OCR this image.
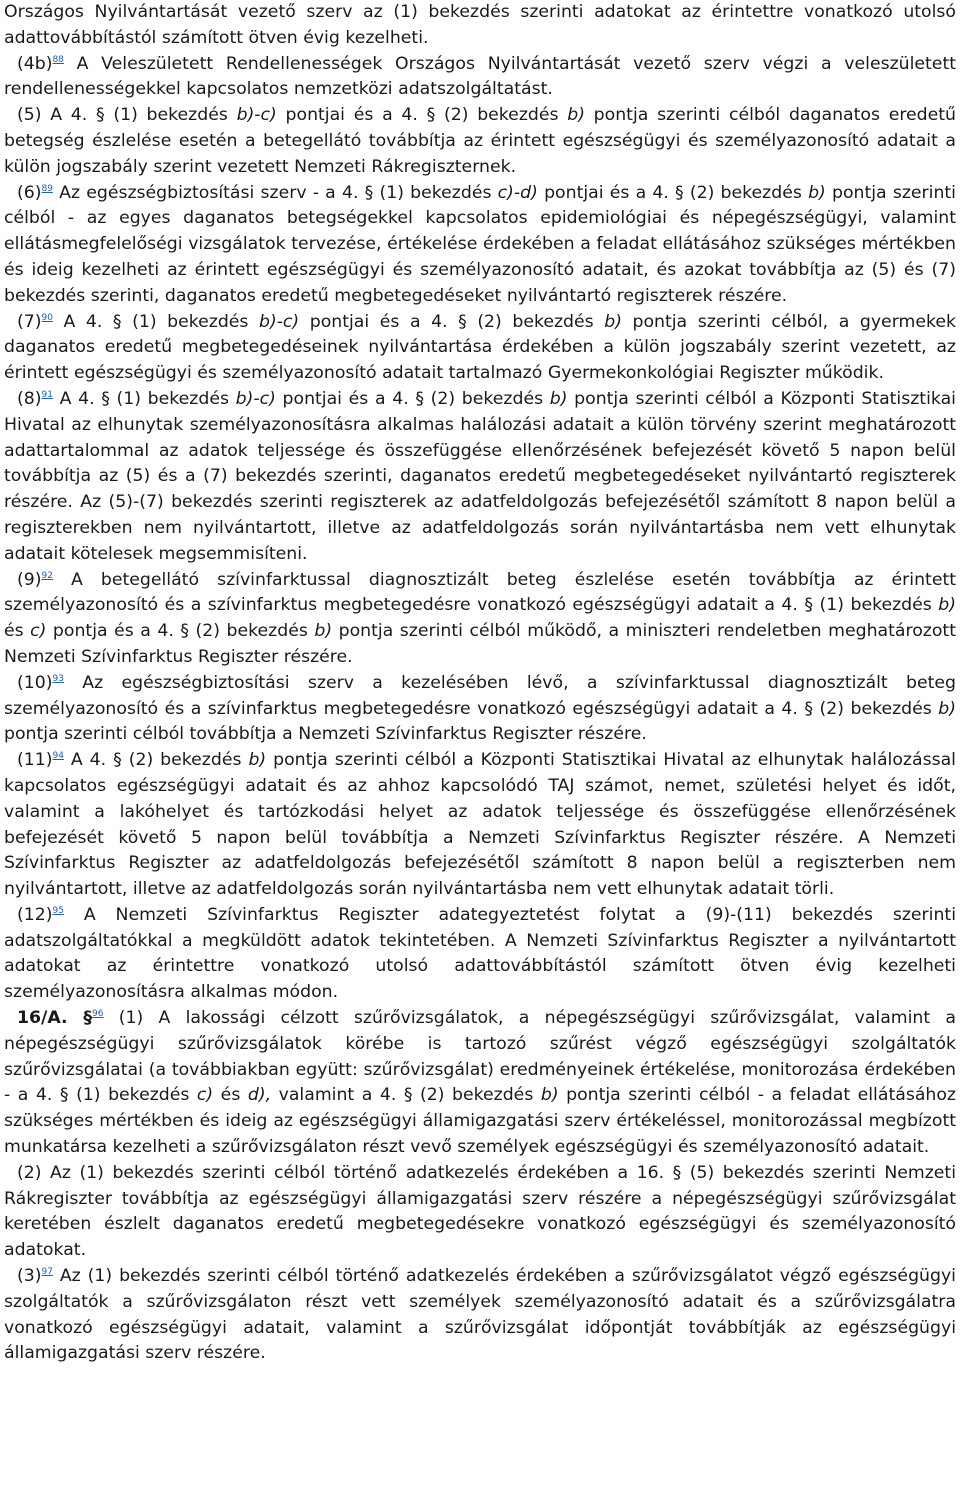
Országos Nyilvántartását vezető szerv az (1) bekezdés szerinti adatokat az érintettre vonatkozó utolsó adattovábbítástól számított ötven évig kezelheti.

(4b)$^{88}$ A Veleszületett Rendellenességek Országos Nyilvántartását vezető szerv végzi a veleszületett rendellenességekkel kapcsolatos nemzetközi adatszolgáltatást.

(5) A 4. § (1) bekezdés b)-c) pontjai és a 4. § (2) bekezdés b) pontja szerinti célból daganatos eredetű betegség észlelése esetén a betegellátó továbbítja az érintett egészségügyi és személyazonosító adatait a külön jogszabály szerint vezetett Nemzeti Rákregiszternek.

(6)$^{89}$ Az egészségbiztosítási szerv - a 4. § (1) bekezdés c)-d) pontjai és a 4. § (2) bekezdés b) pontja szerinti célból - az egyes daganatos betegségekkel kapcsolatos epidemiológiai és népegészségügyi, valamint ellátásmegfelelőségi vizsgálatok tervezése, értékelése érdekében a feladat ellátásához szükséges mértékben és ideig kezelheti az érintett egészségügyi és személyazonosító adatait, és azokat továbbítja az (5) és (7) bekezdés szerinti, daganatos eredetű megbetegedéseket nyilvántartó regiszterek részére.

(7)$^{90}$ A 4. § (1) bekezdés b)-c) pontjai és a 4. § (2) bekezdés b) pontja szerinti célból, a gyermekek daganatos eredetű megbetegedéseinek nyilvántartása érdekében a külön jogszabály szerint vezetett, az érintett egészségügyi és személyazonosító adatait tartalmazó Gyermekonkológiai Regiszter működik.

(8)$^{91}$ A 4. § (1) bekezdés b)-c) pontjai és a 4. § (2) bekezdés b) pontja szerinti célból a Központi Statisztikai Hivatal az elhunytak személyazonosításra alkalmas halálozási adatait a külön törvény szerint meghatározott adattartalommal az adatok teljessége és összefüggése ellenőrzésének befejezését követő 5 napon belül továbbítja az (5) és a (7) bekezdés szerinti, daganatos eredetű megbetegedéseket nyilvántartó regiszterek részére. Az (5)-(7) bekezdés szerinti regiszterek az adatfeldolgozás befejezésétől számított 8 napon belül a regiszterekben nem nyilvántartott, illetve az adatfeldolgozás során nyilvántartásba nem vett elhunytak adatait kötelesek megsemmisíteni.

(9)$^{92}$ A betegellátó szívinfarktussal diagnosztizált beteg észlelése esetén továbbítja az érintett személyazonosító és a szívinfarktus megbetegedésre vonatkozó egészségügyi adatait a 4. § (1) bekezdés b) és c) pontja és a 4. § (2) bekezdés b) pontja szerinti célból működő, a miniszteri rendeletben meghatározott Nemzeti Szívinfarktus Regiszter részére.

(10)$^{93}$ Az egészségbiztosítási szerv a kezelésében lévő, a szívinfarktussal diagnosztizált beteg személyazonosító és a szívinfarktus megbetegedésre vonatkozó egészségügyi adatait a 4. § (2) bekezdés b) pontja szerinti célból továbbítja a Nemzeti Szívinfarktus Regiszter részére.

(11)$^{94}$ A 4. § (2) bekezdés b) pontja szerinti célból a Központi Statisztikai Hivatal az elhunytak halálozással kapcsolatos egészségügyi adatait és az ahhoz kapcsolódó TAJ számot, nemet, születési helyet és időt, valamint a lakóhelyet és tartózkodási helyet az adatok teljessége és összefüggése ellenőrzésének befejezését követő 5 napon belül továbbítja a Nemzeti Szívinfarktus Regiszter részére. A Nemzeti Szívinfarktus Regiszter az adatfeldolgozás befejezésétől számított 8 napon belül a regiszterben nem nyilvántartott, illetve az adatfeldolgozás során nyilvántartásba nem vett elhunytak adatait törli.

(12)$^{95}$ A Nemzeti Szívinfarktus Regiszter adategyeztetést folytat a (9)-(11) bekezdés szerinti adatszolgáltatókkal a megküldött adatok tekintetében. A Nemzeti Szívinfarktus Regiszter a nyilvántartott adatokat az érintettre vonatkozó utolsó adattovábbítástól számított ötven évig kezelheti személyazonosításra alkalmas módon.

16/A. §$^{96}$ (1) A lakossági célzott szűrővizsgálatok, a népegészségügyi szűrővizsgálat, valamint a népegészségügyi szűrővizsgálatok körébe is tartozó szűrést végző egészségügyi szolgáltatók szűrővizsgálatai (a továbbiakban együtt: szűrővizsgálat) eredményeinek értékelése, monitorozása érdekében - a 4. § (1) bekezdés c) és d), valamint a 4. § (2) bekezdés b) pontja szerinti célból - a feladat ellátásához szükséges mértékben és ideig az egészségügyi államigazgatási szerv értékeléssel, monitorozással megbízott munkatársa kezelheti a szűrővizsgálaton részt vevő személyek egészségügyi és személyazonosító adatait.

(2) Az (1) bekezdés szerinti célból történő adatkezelés érdekében a 16. § (5) bekezdés szerinti Nemzeti Rákregiszter továbbítja az egészségügyi államigazgatási szerv részére a népegészségügyi szűrővizsgálat keretében észlelt daganatos eredetű megbetegedésekre vonatkozó egészségügyi és személyazonosító adatokat.

(3)$^{97}$ Az (1) bekezdés szerinti célból történő adatkezelés érdekében a szűrővizsgálatot végző egészségügyi szolgáltatók a szűrővizsgálaton részt vett személyek személyazonosító adatait és a szűrővizsgálatra vonatkozó egészségügyi adatait, valamint a szűrővizsgálat időpontját továbbítják az egészségügyi államigazgatási szerv részére.
